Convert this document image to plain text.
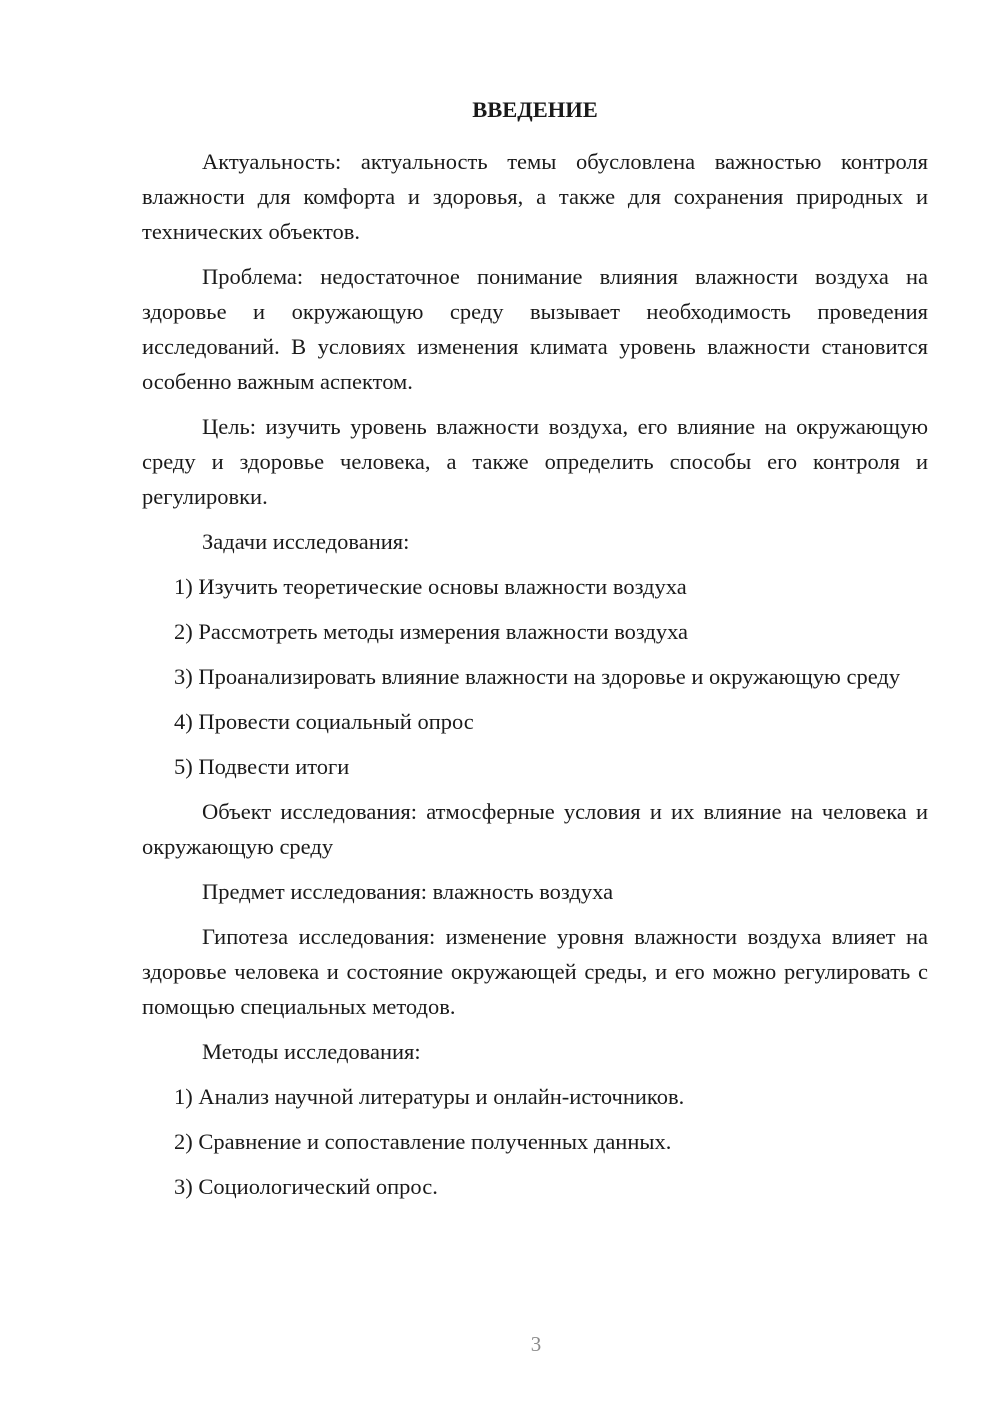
ВВЕДЕНИЕ

Актуальность: актуальность темы обусловлена важностью контроля влажности для комфорта и здоровья, а также для сохранения природных и технических объектов.

Проблема: недостаточное понимание влияния влажности воздуха на здоровье и окружающую среду вызывает необходимость проведения исследований. В условиях изменения климата уровень влажности становится особенно важным аспектом.

Цель: изучить уровень влажности воздуха, его влияние на окружающую среду и здоровье человека, а также определить способы его контроля и регулировки.

Задачи исследования:

1) Изучить теоретические основы влажности воздуха

2) Рассмотреть методы измерения влажности воздуха

3) Проанализировать влияние влажности на здоровье и окружающую среду

4) Провести социальный опрос

5) Подвести итоги

Объект исследования: атмосферные условия и их влияние на человека и окружающую среду

Предмет исследования: влажность воздуха

Гипотеза исследования: изменение уровня влажности воздуха влияет на здоровье человека и состояние окружающей среды, и его можно регулировать с помощью специальных методов.

Методы исследования:

1) Анализ научной литературы и онлайн-источников.

2) Сравнение и сопоставление полученных данных.

3) Социологический опрос.

3
